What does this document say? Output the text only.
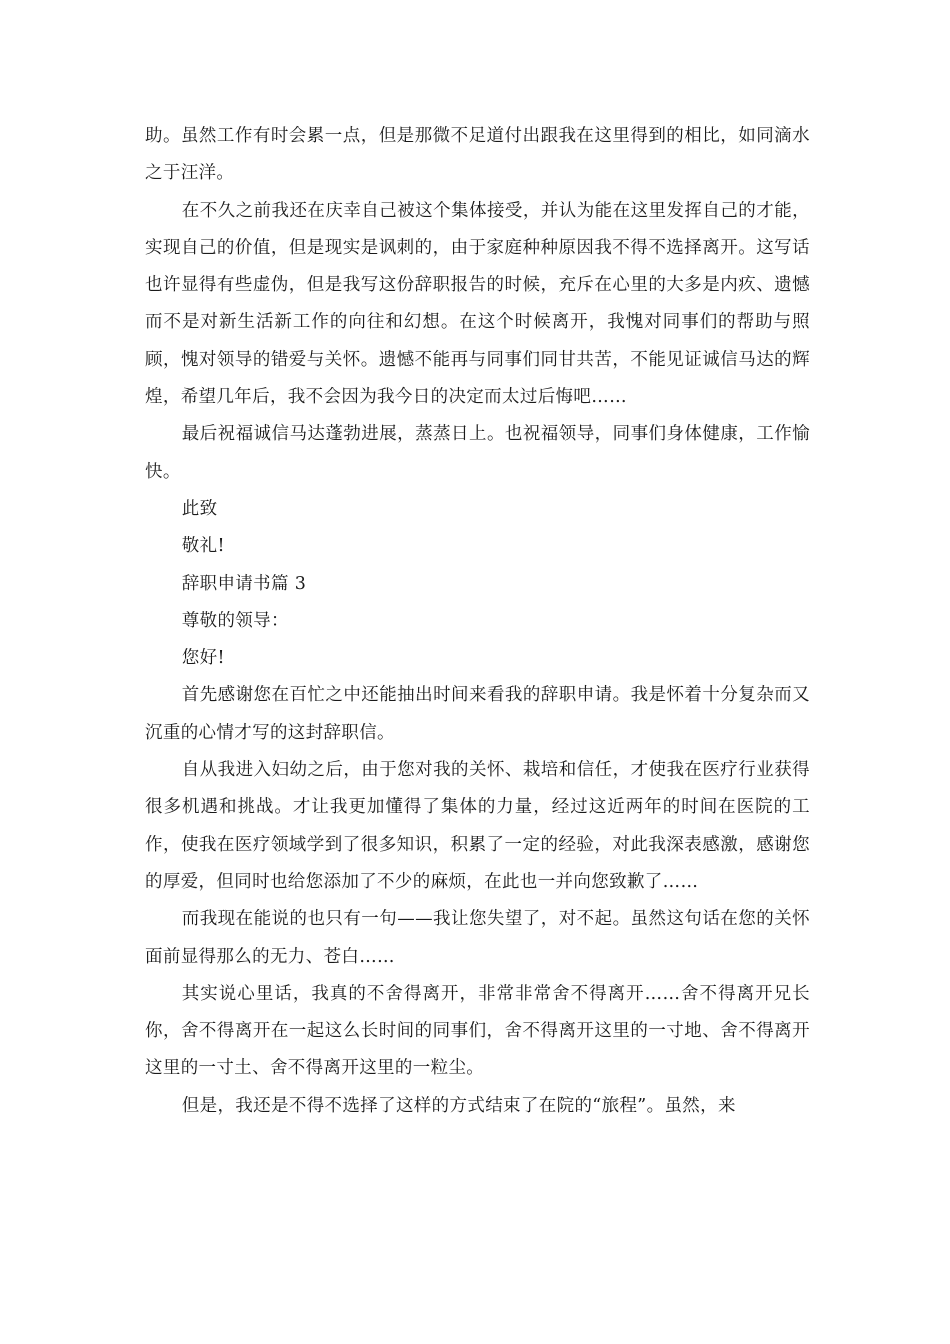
助。虽然工作有时会累一点，但是那微不足道付出跟我在这里得到的相比，如同滴水之于汪洋。

在不久之前我还在庆幸自己被这个集体接受，并认为能在这里发挥自己的才能，实现自己的价值，但是现实是讽刺的，由于家庭种种原因我不得不选择离开。这写话也许显得有些虚伪，但是我写这份辞职报告的时候，充斥在心里的大多是内疚、遗憾而不是对新生活新工作的向往和幻想。在这个时候离开，我愧对同事们的帮助与照顾，愧对领导的错爱与关怀。遗憾不能再与同事们同甘共苦，不能见证诚信马达的辉煌，希望几年后，我不会因为我今日的决定而太过后悔吧……

最后祝福诚信马达蓬勃进展，蒸蒸日上。也祝福领导，同事们身体健康，工作愉快。

此致

敬礼!

辞职申请书篇 3

尊敬的领导：

您好!

首先感谢您在百忙之中还能抽出时间来看我的辞职申请。我是怀着十分复杂而又沉重的心情才写的这封辞职信。

自从我进入妇幼之后，由于您对我的关怀、栽培和信任，才使我在医疗行业获得很多机遇和挑战。才让我更加懂得了集体的力量，经过这近两年的时间在医院的工作，使我在医疗领域学到了很多知识，积累了一定的经验，对此我深表感激，感谢您的厚爱，但同时也给您添加了不少的麻烦，在此也一并向您致歉了……

而我现在能说的也只有一句——我让您失望了，对不起。虽然这句话在您的关怀面前显得那么的无力、苍白……

其实说心里话，我真的不舍得离开，非常非常舍不得离开……舍不得离开兄长你，舍不得离开在一起这么长时间的同事们，舍不得离开这里的一寸地、舍不得离开这里的一寸土、舍不得离开这里的一粒尘。

但是，我还是不得不选择了这样的方式结束了在院的“旅程”。虽然，来
